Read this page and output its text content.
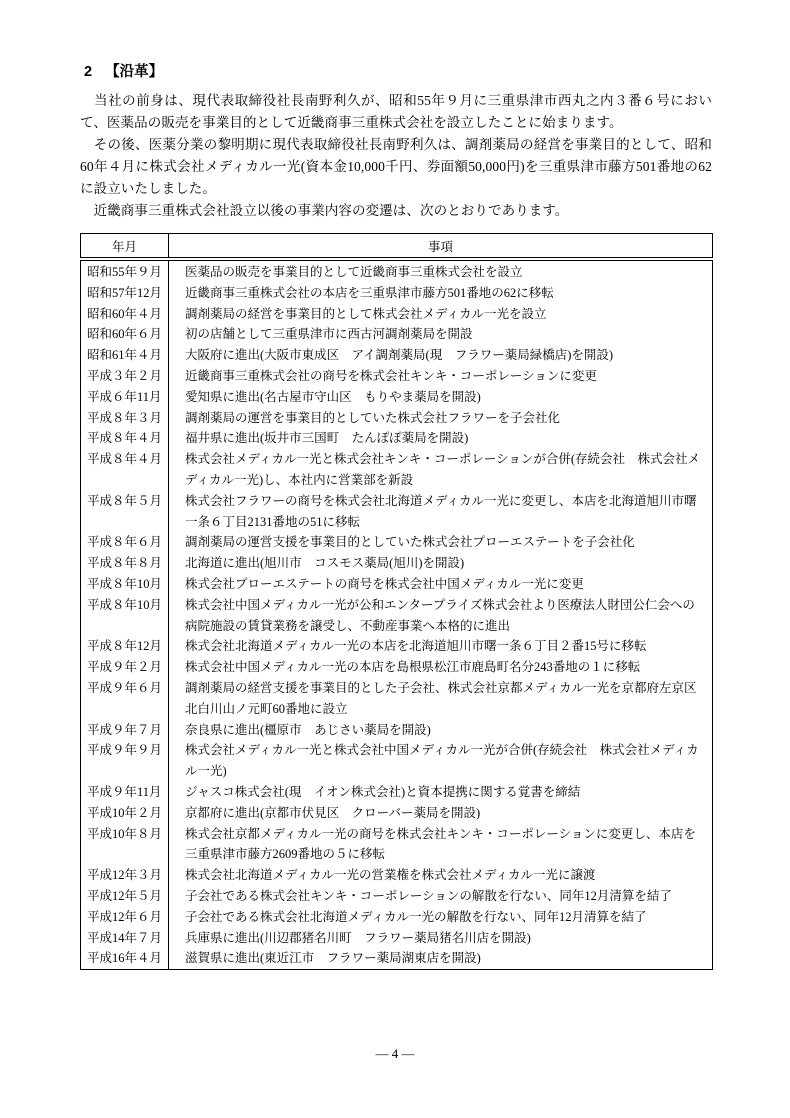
2 【沿革】

　当社の前身は、現代表取締役社長南野利久が、昭和55年９月に三重県津市西丸之内３番６号において、医薬品の販売を事業目的として近畿商事三重株式会社を設立したことに始まります。

　その後、医薬分業の黎明期に現代表取締役社長南野利久は、調剤薬局の経営を事業目的として、昭和60年４月に株式会社メディカル一光(資本金10,000千円、券面額50,000円)を三重県津市藤方501番地の62に設立いたしました。

　近畿商事三重株式会社設立以後の事業内容の変遷は、次のとおりであります。

年月	事項
昭和55年９月	医薬品の販売を事業目的として近畿商事三重株式会社を設立
昭和57年12月	近畿商事三重株式会社の本店を三重県津市藤方501番地の62に移転
昭和60年４月	調剤薬局の経営を事業目的として株式会社メディカル一光を設立
昭和60年６月	初の店舗として三重県津市に西古河調剤薬局を開設
昭和61年４月	大阪府に進出(大阪市東成区　アイ調剤薬局(現　フラワー薬局緑橋店)を開設)
平成３年２月	近畿商事三重株式会社の商号を株式会社キンキ・コーポレーションに変更
平成６年11月	愛知県に進出(名古屋市守山区　もりやま薬局を開設)
平成８年３月	調剤薬局の運営を事業目的としていた株式会社フラワーを子会社化
平成８年４月	福井県に進出(坂井市三国町　たんぽぽ薬局を開設)
平成８年４月	株式会社メディカル一光と株式会社キンキ・コーポレーションが合併(存続会社　株式会社メディカル一光)し、本社内に営業部を新設
平成８年５月	株式会社フラワーの商号を株式会社北海道メディカル一光に変更し、本店を北海道旭川市曙一条６丁目2131番地の51に移転
平成８年６月	調剤薬局の運営支援を事業目的としていた株式会社プローエステートを子会社化
平成８年８月	北海道に進出(旭川市　コスモス薬局(旭川)を開設)
平成８年10月	株式会社プローエステートの商号を株式会社中国メディカル一光に変更
平成８年10月	株式会社中国メディカル一光が公和エンタープライズ株式会社より医療法人財団公仁会への病院施設の賃貸業務を譲受し、不動産事業へ本格的に進出
平成８年12月	株式会社北海道メディカル一光の本店を北海道旭川市曙一条６丁目２番15号に移転
平成９年２月	株式会社中国メディカル一光の本店を島根県松江市鹿島町名分243番地の１に移転
平成９年６月	調剤薬局の経営支援を事業目的とした子会社、株式会社京都メディカル一光を京都府左京区北白川山ノ元町60番地に設立
平成９年７月	奈良県に進出(橿原市　あじさい薬局を開設)
平成９年９月	株式会社メディカル一光と株式会社中国メディカル一光が合併(存続会社　株式会社メディカル一光)
平成９年11月	ジャスコ株式会社(現　イオン株式会社)と資本提携に関する覚書を締結
平成10年２月	京都府に進出(京都市伏見区　クローバー薬局を開設)
平成10年８月	株式会社京都メディカル一光の商号を株式会社キンキ・コーポレーションに変更し、本店を三重県津市藤方2609番地の５に移転
平成12年３月	株式会社北海道メディカル一光の営業権を株式会社メディカル一光に譲渡
平成12年５月	子会社である株式会社キンキ・コーポレーションの解散を行ない、同年12月清算を結了
平成12年６月	子会社である株式会社北海道メディカル一光の解散を行ない、同年12月清算を結了
平成14年７月	兵庫県に進出(川辺郡猪名川町　フラワー薬局猪名川店を開設)
平成16年４月	滋賀県に進出(東近江市　フラワー薬局湖東店を開設)
― 4 ―
